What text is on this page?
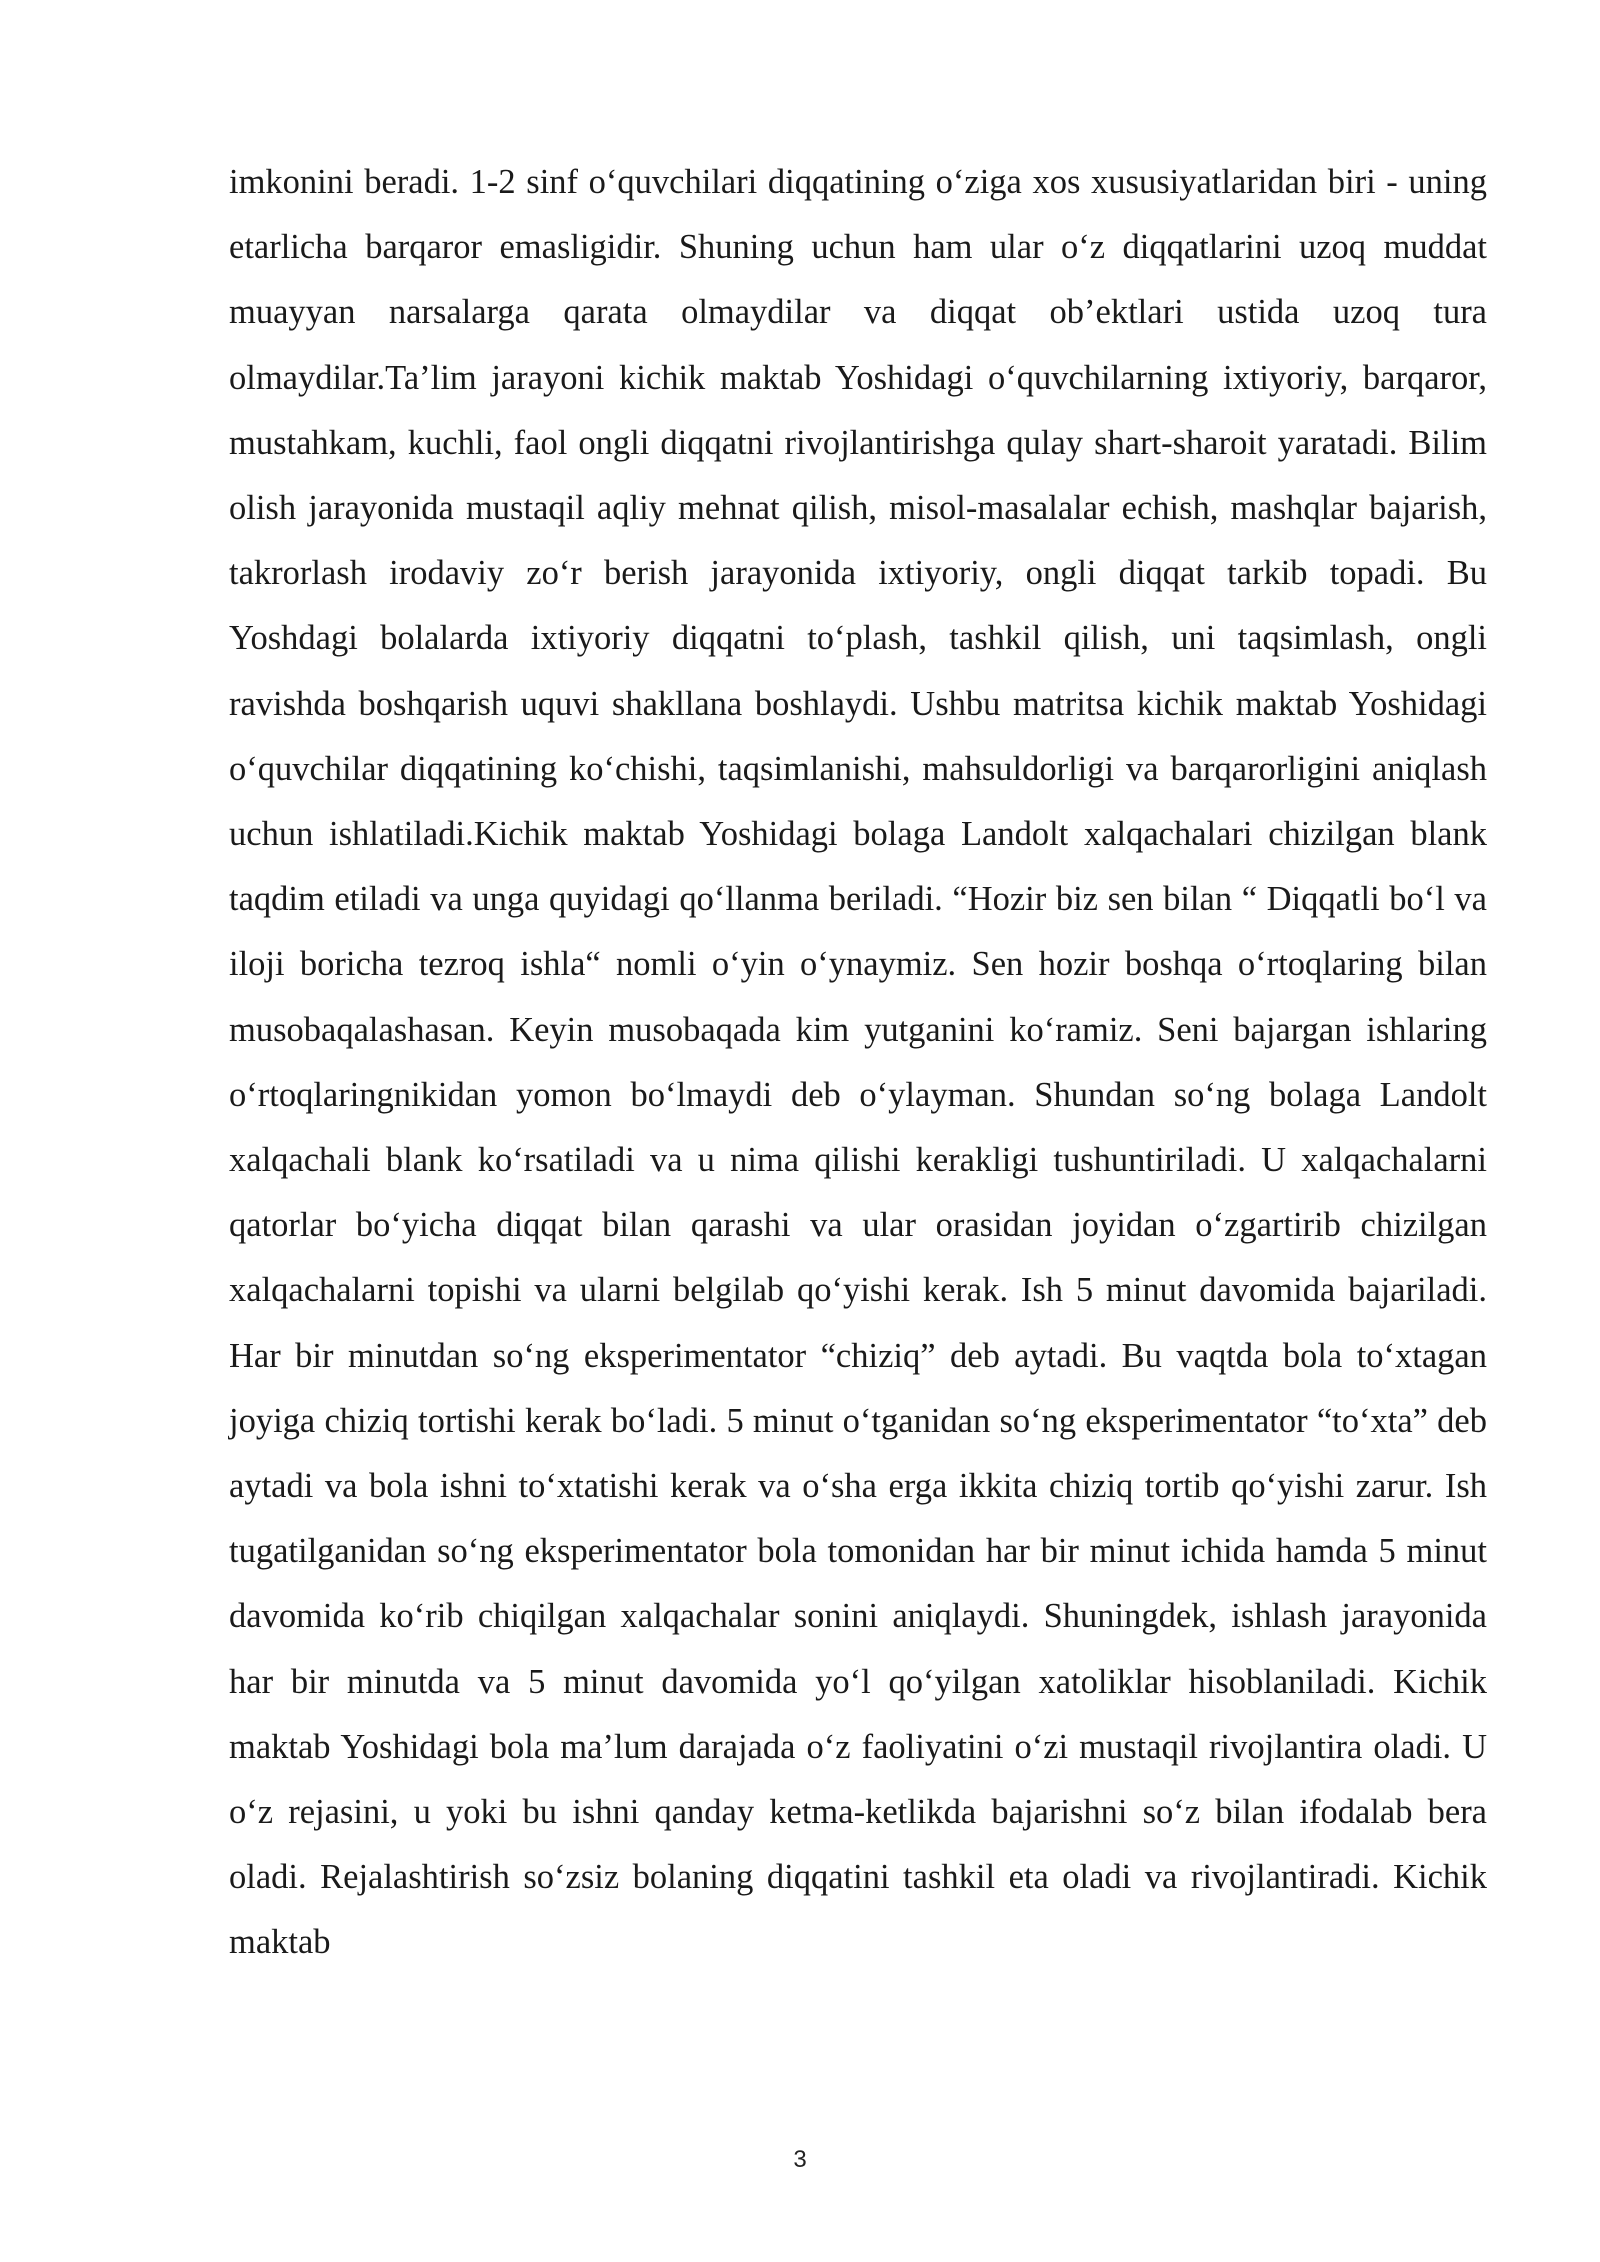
imkonini beradi. 1-2 sinf o‘quvchilari diqqatining o‘ziga xos xususiyatlaridan biri - uning etarlicha barqaror emasligidir. Shuning uchun ham ular o‘z diqqatlarini uzoq muddat muayyan narsalarga qarata olmaydilar va diqqat ob’ektlari ustida uzoq tura olmaydilar.Ta’lim jarayoni kichik maktab Yoshidagi o‘quvchilarning ixtiyoriy, barqaror, mustahkam, kuchli, faol ongli diqqatni rivojlantirishga qulay shart-sharoit yaratadi. Bilim olish jarayonida mustaqil aqliy mehnat qilish, misol-masalalar echish, mashqlar bajarish, takrorlash irodaviy zo‘r berish jarayonida ixtiyoriy, ongli diqqat tarkib topadi. Bu Yoshdagi bolalarda ixtiyoriy diqqatni to‘plash, tashkil qilish, uni taqsimlash, ongli ravishda boshqarish uquvi shakllana boshlaydi. Ushbu matritsa kichik maktab Yoshidagi o‘quvchilar diqqatining ko‘chishi, taqsimlanishi, mahsuldorligi va barqarorligini aniqlash uchun ishlatiladi.Kichik maktab Yoshidagi bolaga Landolt xalqachalari chizilgan blank taqdim etiladi va unga quyidagi qo‘llanma beriladi. “Hozir biz sen bilan “ Diqqatli bo‘l va iloji boricha tezroq ishla“ nomli o‘yin o‘ynaymiz. Sen hozir boshqa o‘rtoqlaring bilan musobaqalashasan. Keyin musobaqada kim yutganini ko‘ramiz. Seni bajargan ishlaring o‘rtoqlaringnikidan yomon bo‘lmaydi deb o‘ylayman. Shundan so‘ng bolaga Landolt xalqachali blank ko‘rsatiladi va u nima qilishi kerakligi tushuntiriladi. U xalqachalarni qatorlar bo‘yicha diqqat bilan qarashi va ular orasidan joyidan o‘zgartirib chizilgan xalqachalarni topishi va ularni belgilab qo‘yishi kerak. Ish 5 minut davomida bajariladi. Har bir minutdan so‘ng eksperimentator “chiziq” deb aytadi. Bu vaqtda bola to‘xtagan joyiga chiziq tortishi kerak bo‘ladi. 5 minut o‘tganidan so‘ng eksperimentator “to‘xta” deb aytadi va bola ishni to‘xtatishi kerak va o‘sha erga ikkita chiziq tortib qo‘yishi zarur. Ish tugatilganidan so‘ng eksperimentator bola tomonidan har bir minut ichida hamda 5 minut davomida ko‘rib chiqilgan xalqachalar sonini aniqlaydi. Shuningdek, ishlash jarayonida har bir minutda va 5 minut davomida yo‘l qo‘yilgan xatoliklar hisoblaniladi. Kichik maktab Yoshidagi bola ma’lum darajada o‘z faoliyatini o‘zi mustaqil rivojlantira oladi. U o‘z rejasini, u yoki bu ishni qanday ketma-ketlikda bajarishni so‘z bilan ifodalab bera oladi. Rejalashtirish so‘zsiz bolaning diqqatini tashkil eta oladi va rivojlantiradi. Kichik maktab

3
